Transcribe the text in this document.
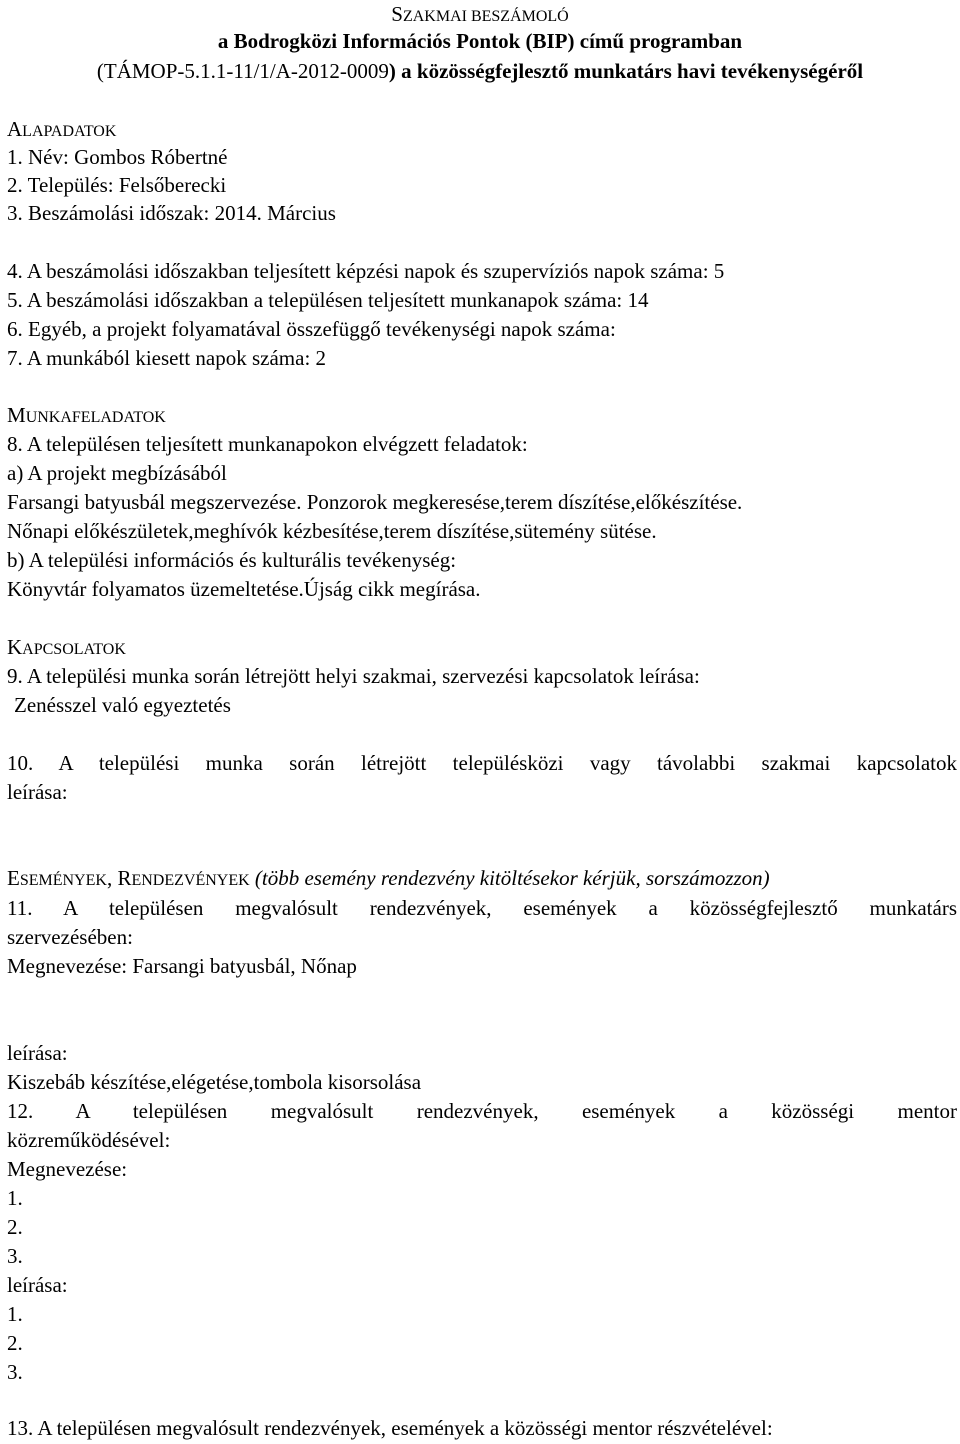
SZAKMAI BESZÁMOLÓ
a Bodrogközi Információs Pontok (BIP) című programban
(TÁMOP-5.1.1-11/1/A-2012-0009) a közösségfejlesztő munkatárs havi tevékenységéről
ALAPADATOK
1. Név: Gombos Róbertné
2. Település: Felsőberecki
3. Beszámolási időszak: 2014. Március
4. A beszámolási időszakban teljesített képzési napok és szupervíziós napok száma: 5
5. A beszámolási időszakban a településen teljesített munkanapok száma: 14
6. Egyéb, a projekt folyamatával összefüggő tevékenységi napok száma:
7. A munkából kiesett napok száma: 2
MUNKAFELADATOK
8. A településen teljesített munkanapokon elvégzett feladatok:
a) A projekt megbízásából
Farsangi batyusbál megszervezése. Ponzorok megkeresése,terem díszítése,előkészítése.
Nőnapi előkészületek,meghívók kézbesítése,terem díszítése,sütemény sütése.
b) A települési információs és kulturális tevékenység:
Könyvtár folyamatos üzemeltetése.Újság cikk megírása.
KAPCSOLATOK
9. A települési munka során létrejött helyi szakmai, szervezési kapcsolatok leírása:
Zenésszel való egyeztetés
10. A települési munka során létrejött településközi vagy távolabbi szakmai kapcsolatok
leírása:
ESEMÉNYEK, RENDEZVÉNYEK (több esemény rendezvény kitöltésekor kérjük, sorszámozzon)
11. A településen megvalósult rendezvények, események a közösségfejlesztő munkatárs
szervezésében:
Megnevezése: Farsangi batyusbál, Nőnap
leírása:
Kiszebáb készítése,elégetése,tombola kisorsolása
12. A településen megvalósult rendezvények, események a közösségi mentor
közreműködésével:
Megnevezése:
1.
2.
3.
leírása:
1.
2.
3.
13. A településen megvalósult rendezvények, események a közösségi mentor részvételével:
